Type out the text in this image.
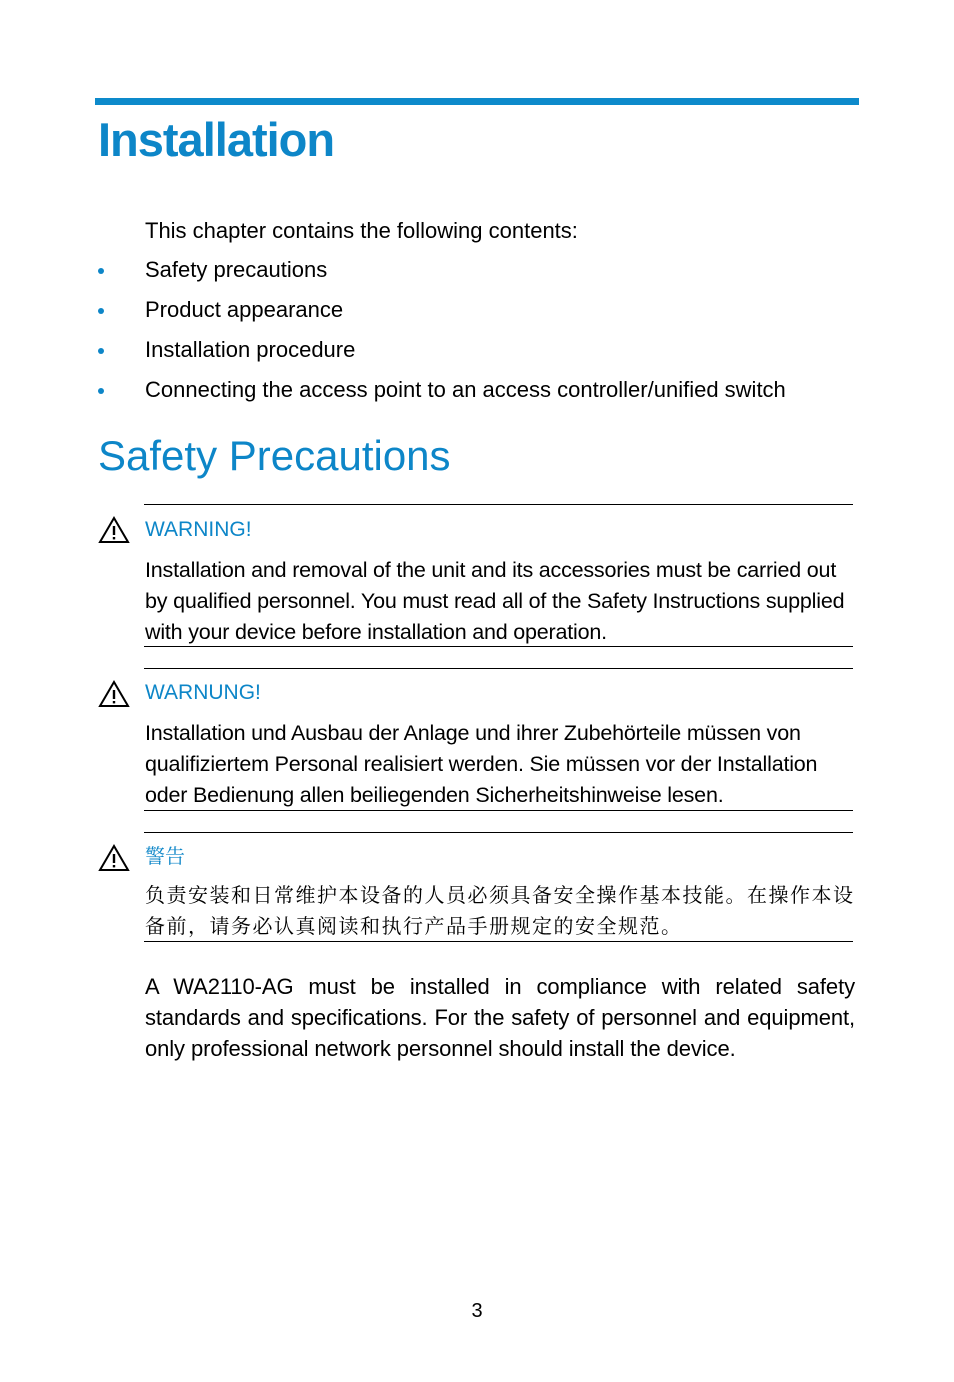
Installation
This chapter contains the following contents:
Safety precautions
Product appearance
Installation procedure
Connecting the access point to an access controller/unified switch
Safety Precautions
WARNING!
Installation and removal of the unit and its accessories must be carried out by qualified personnel. You must read all of the Safety Instructions supplied with your device before installation and operation.
WARNUNG!
Installation und Ausbau der Anlage und ihrer Zubehörteile müssen von qualifiziertem Personal realisiert werden. Sie müssen vor der Installation oder Bedienung allen beiliegenden Sicherheitshinweise lesen.
警告
负责安装和日常维护本设备的人员必须具备安全操作基本技能。在操作本设备前，请务必认真阅读和执行产品手册规定的安全规范。
A WA2110-AG must be installed in compliance with related safety standards and specifications. For the safety of personnel and equipment, only professional network personnel should install the device.
3
